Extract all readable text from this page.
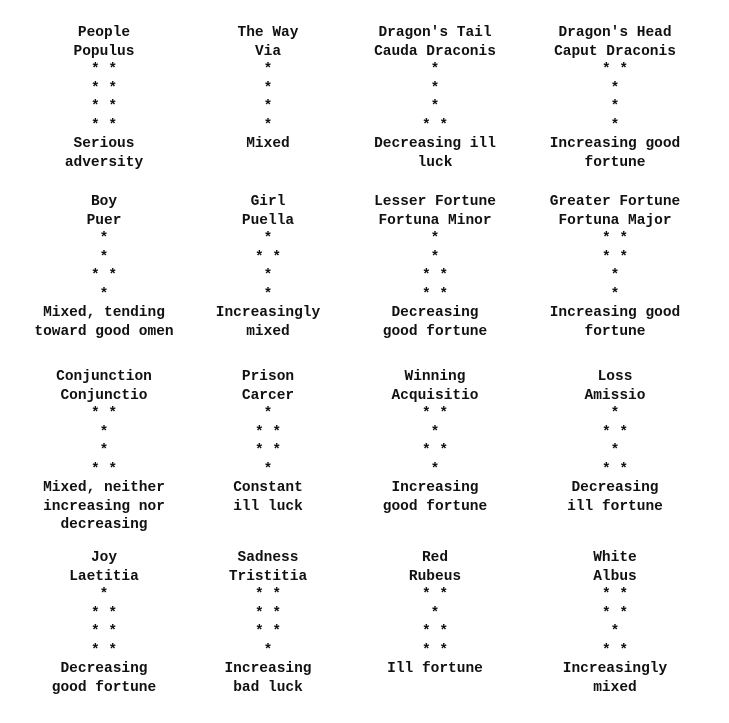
People
Populus
* *
* *
* *
* *
Serious
adversity
The Way
Via
*
*
*
*
Mixed
Dragon's Tail
Cauda Draconis
*
*
*
* *
Decreasing ill
luck
Dragon's Head
Caput Draconis
* *
*
*
*
Increasing good
fortune
Boy
Puer
*
*
* *
*
Mixed, tending
toward good omen
Girl
Puella
*
* *
*
*
Increasingly
mixed
Lesser Fortune
Fortuna Minor
*
*
* *
* *
Decreasing
good fortune
Greater Fortune
Fortuna Major
* *
* *
*
*
Increasing good
fortune
Conjunction
Conjunctio
* *
*
*
* *
Mixed, neither
increasing nor
decreasing
Prison
Carcer
*
* *
* *
*
Constant
ill luck
Winning
Acquisitio
* *
*
* *
*
Increasing
good fortune
Loss
Amissio
*
* *
*
* *
Decreasing
ill fortune
Joy
Laetitia
*
* *
* *
* *
Decreasing
good fortune
Sadness
Tristitia
* *
* *
* *
*
Increasing
bad luck
Red
Rubeus
* *
*
* *
* *
Ill fortune
White
Albus
* *
* *
*
* *
Increasingly
mixed
